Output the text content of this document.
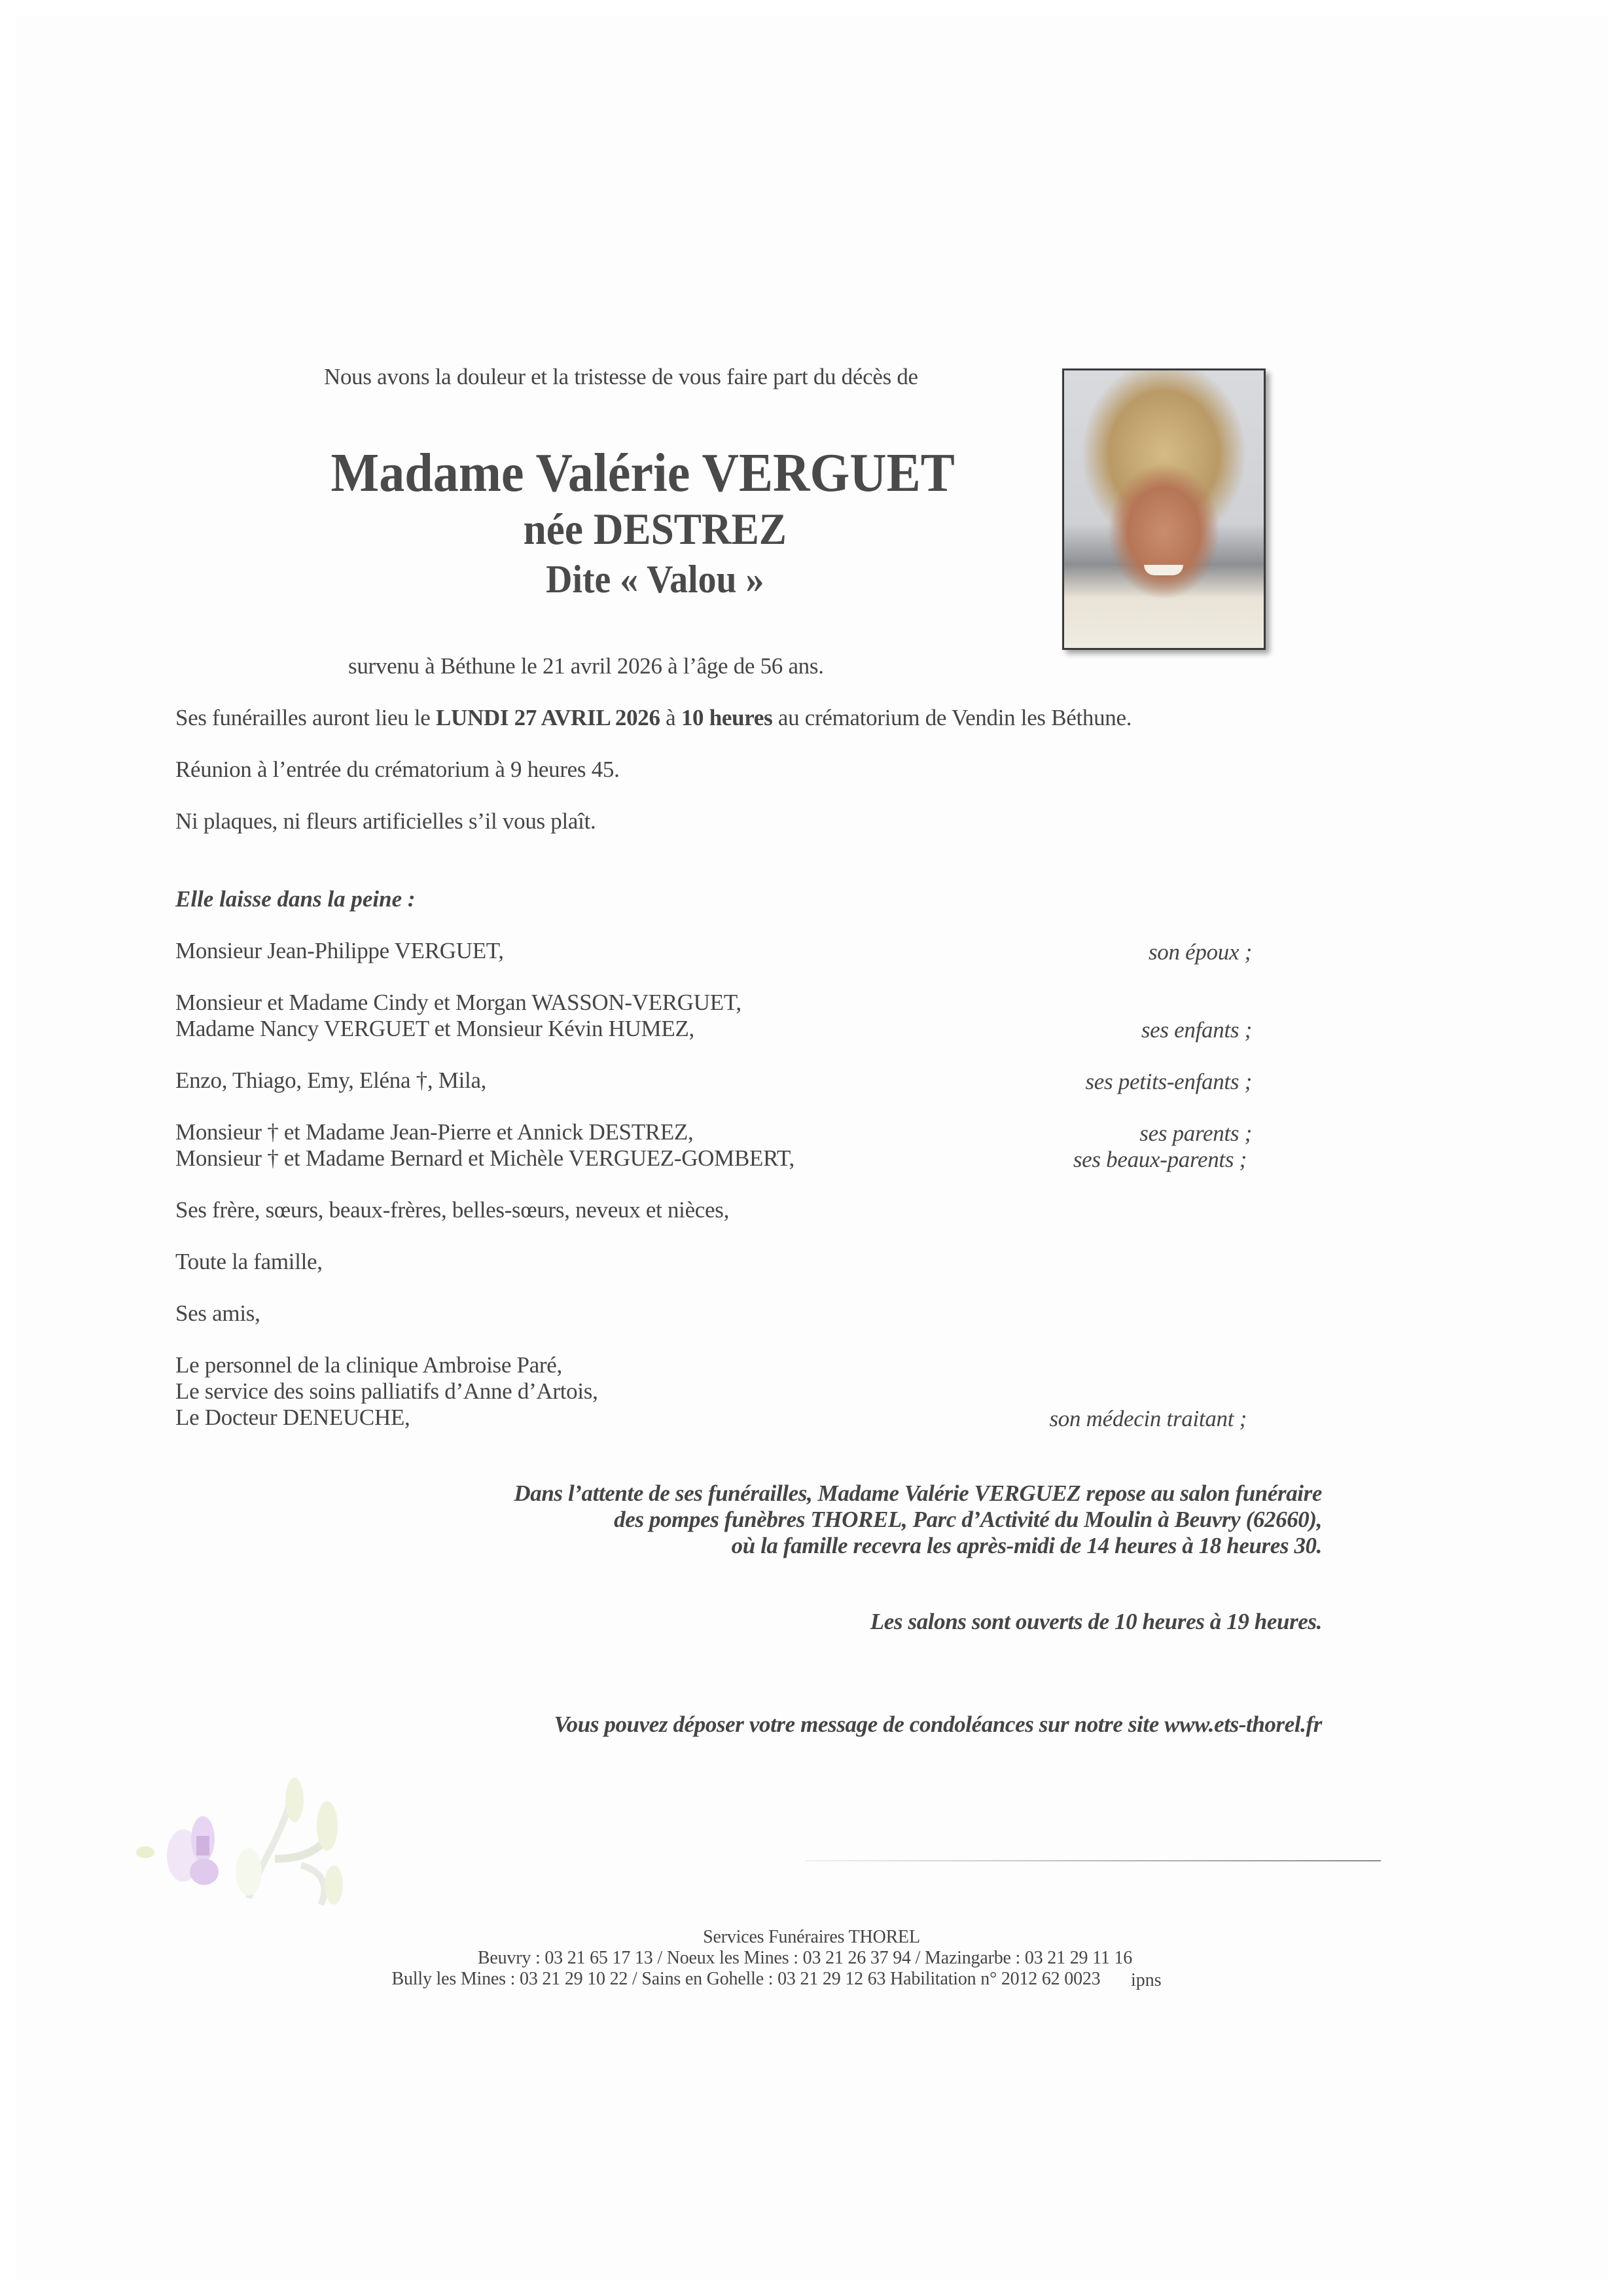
Nous avons la douleur et la tristesse de vous faire part du décès de
Madame Valérie VERGUET
née DESTREZ
Dite « Valou »
survenu à Béthune le 21 avril 2026 à l’âge de 56 ans.
Ses funérailles auront lieu le LUNDI 27 AVRIL 2026 à 10 heures au crématorium de Vendin les Béthune.
Réunion à l’entrée du crématorium à 9 heures 45.
Ni plaques, ni fleurs artificielles s’il vous plaît.
Elle laisse dans la peine :
Monsieur Jean-Philippe VERGUET,	son époux ;
Monsieur et Madame Cindy et Morgan WASSON-VERGUET,
Madame Nancy VERGUET et Monsieur Kévin HUMEZ,	ses enfants ;
Enzo, Thiago, Emy, Eléna †, Mila,	ses petits-enfants ;
Monsieur † et Madame Jean-Pierre et Annick DESTREZ,	ses parents ;
Monsieur † et Madame Bernard et Michèle VERGUEZ-GOMBERT,	ses beaux-parents ;
Ses frère, sœurs, beaux-frères, belles-sœurs, neveux et nièces,
Toute la famille,
Ses amis,
Le personnel de la clinique Ambroise Paré,
Le service des soins palliatifs d’Anne d’Artois,
Le Docteur DENEUCHE,	son médecin traitant ;
Dans l’attente de ses funérailles, Madame Valérie VERGUEZ repose au salon funéraire
des pompes funèbres THOREL, Parc d’Activité du Moulin à Beuvry (62660),
où la famille recevra les après-midi de 14 heures à 18 heures 30.
Les salons sont ouverts de 10 heures à 19 heures.
Vous pouvez déposer votre message de condoléances sur notre site www.ets-thorel.fr
Services Funéraires THOREL
Beuvry : 03 21 65 17 13 / Noeux les Mines : 03 21 26 37 94 / Mazingarbe : 03 21 29 11 16
Bully les Mines : 03 21 29 10 22 / Sains en Gohelle : 03 21 29 12 63 Habilitation n° 2012 62 0023	ipns
